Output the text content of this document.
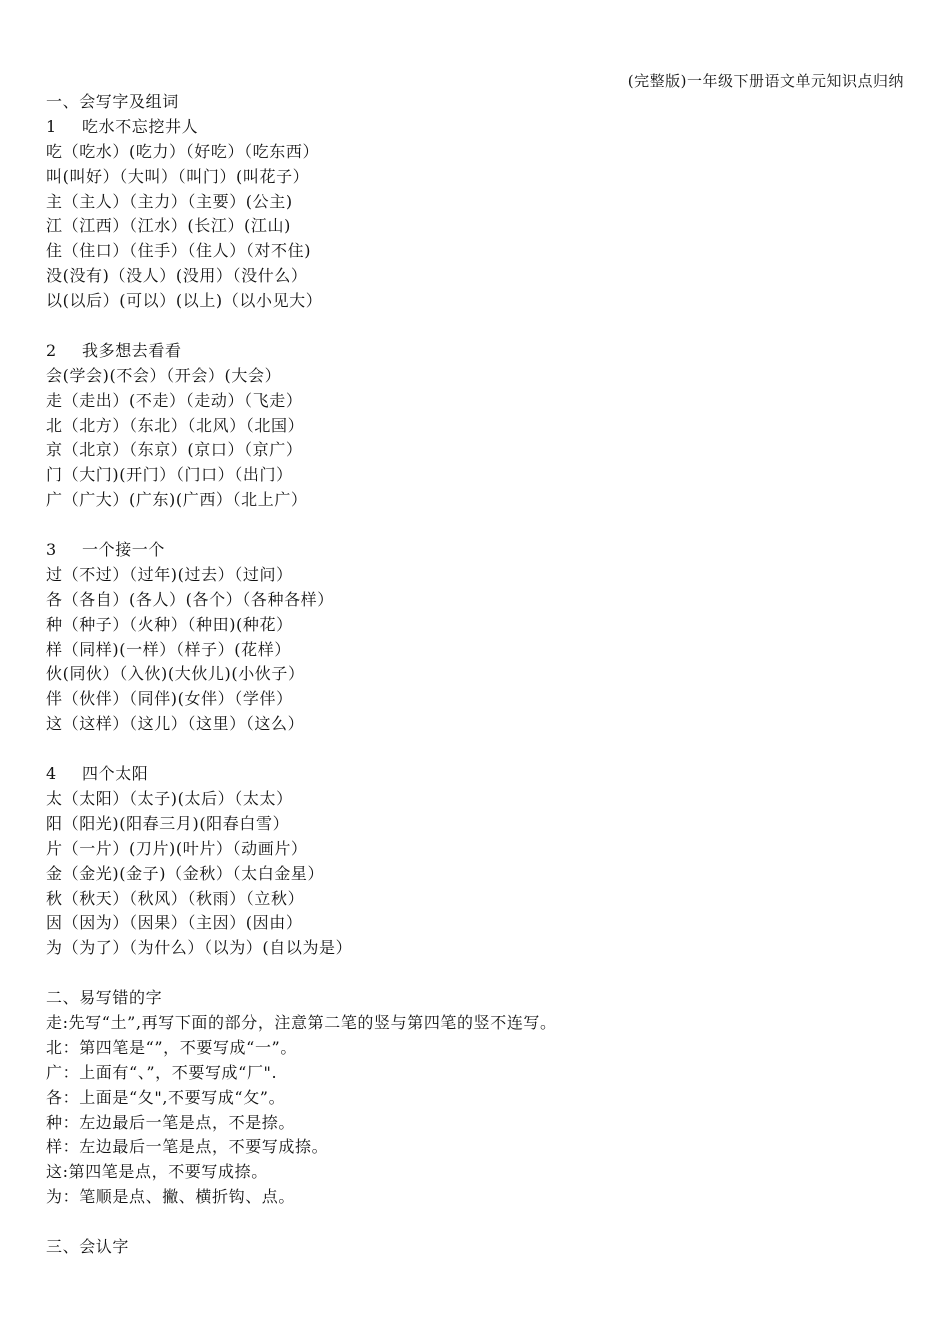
(完整版)一年级下册语文单元知识点归纳
一、会写字及组词
1 吃水不忘挖井人
吃（吃水）(吃力）（好吃）（吃东西）
叫(叫好）（大叫）（叫门）(叫花子）
主（主人）（主力）（主要）(公主)
江（江西）（江水）(长江）(江山)
住（住口）（住手）（住人）（对不住)
没(没有)（没人）(没用）（没什么）
以(以后）(可以）(以上)（以小见大）
2 我多想去看看
会(学会)(不会）（开会）(大会）
走（走出）(不走）（走动）（飞走）
北（北方）（东北）（北风）（北国）
京（北京）（东京）(京口）（京广）
门（大门)(开门）（门口）（出门）
广（广大）(广东)(广西）（北上广）
3 一个接一个
过（不过）（过年)(过去）（过问）
各（各自）(各人）(各个）（各种各样）
种（种子）（火种）（种田)(种花）
样（同样)(一样）（样子）(花样）
伙(同伙）（入伙)(大伙儿)(小伙子）
伴（伙伴）（同伴)(女伴）（学伴）
这（这样）（这儿）（这里）（这么）
4 四个太阳
太（太阳）（太子)(太后）（太太）
阳（阳光)(阳春三月)(阳春白雪）
片（一片）(刀片)(叶片）（动画片）
金（金光)(金子)（金秋）（太白金星）
秋（秋天）（秋风）（秋雨）（立秋）
因（因为）（因果）（主因）(因由）
为（为了）（为什么）（以为）(自以为是）
二、易写错的字
走:先写“土”,再写下面的部分，注意第二笔的竖与第四笔的竖不连写。
北：第四笔是“”，不要写成“一”。
广：上面有“、”，不要写成“厂".
各：上面是“夂",不要写成“攵”。
种：左边最后一笔是点，不是捺。
样：左边最后一笔是点，不要写成捺。
这:第四笔是点，不要写成捺。
为：笔顺是点、撇、横折钩、点。
三、会认字
